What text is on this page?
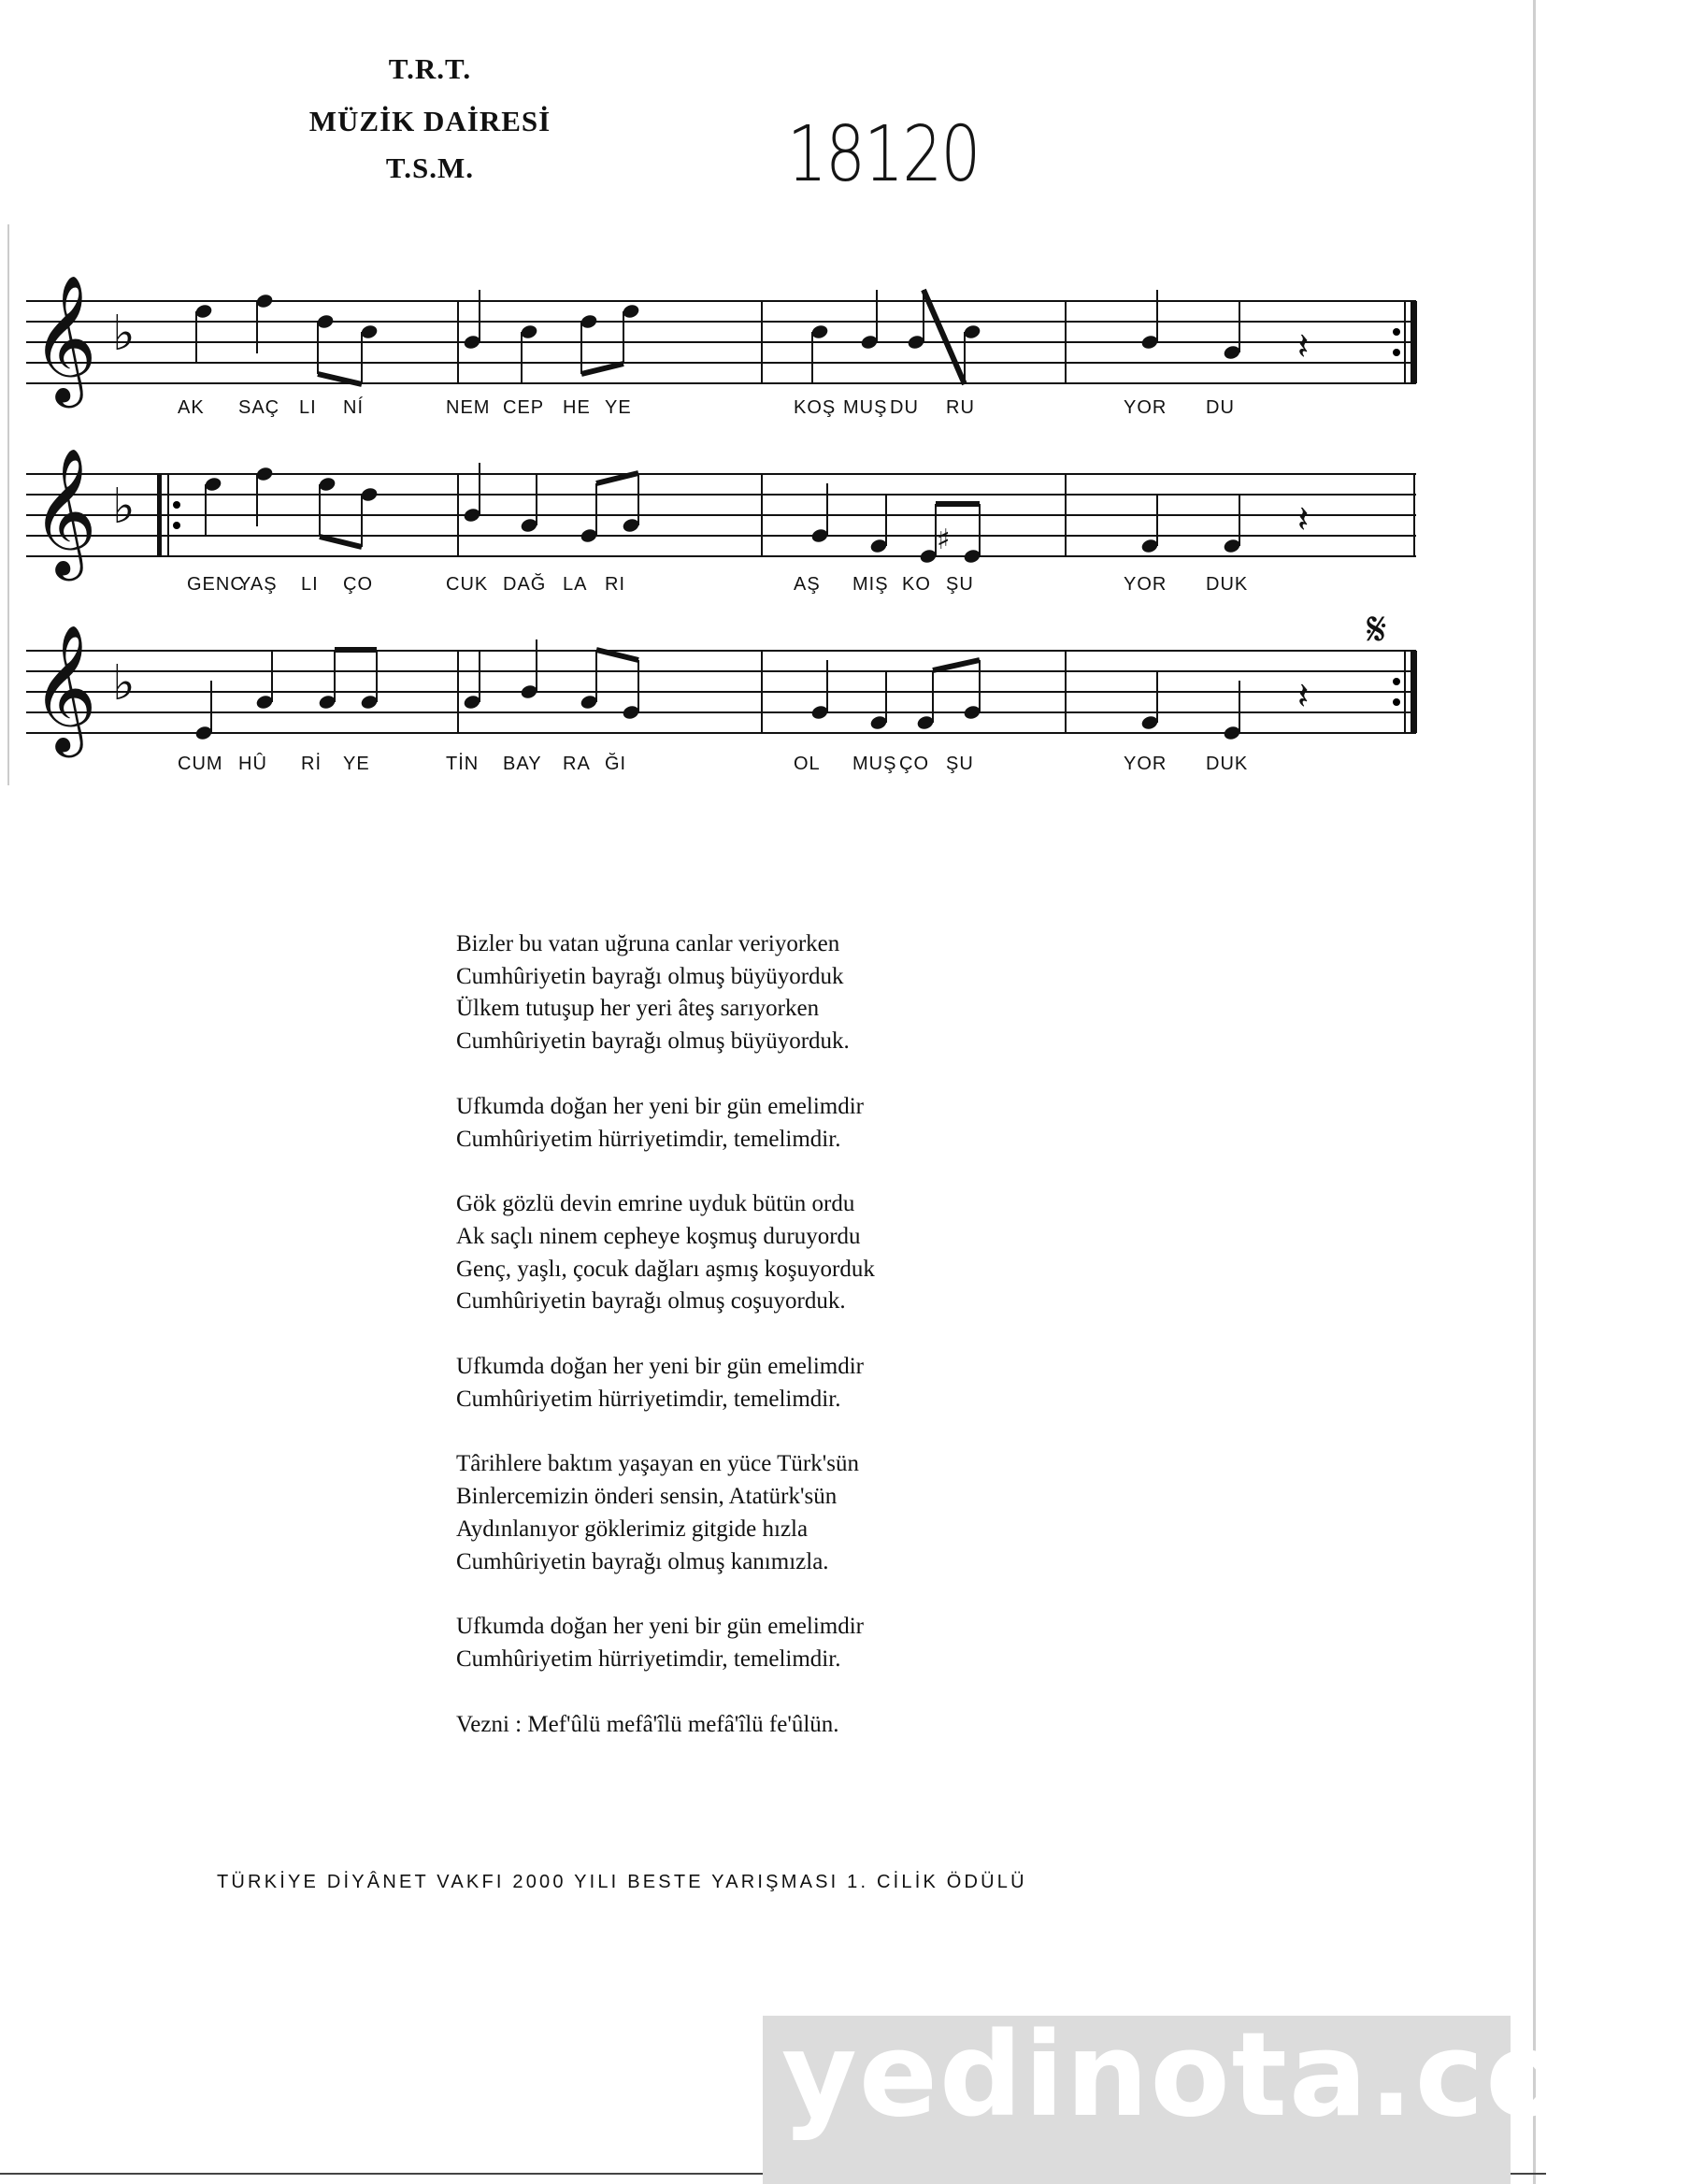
T.R.T.
MÜZİK DAİRESİ
T.S.M.	18120
𝄞 ♭	𝄽
𝄞 ♭	𝄽
𝄞 ♭	𝄽
♯
𝄋
AK SAÇ LI NÍ	NEM CEP HE YE	KOŞ MUŞ DU RU	YOR DU
GENC
YAŞ LI ÇO	CUK DAĞ LA RI	AŞ MIŞ KO ŞU	YOR DUK
CUM HÛ Rİ YE	TİN BAY RA ĞI	OL MUŞ ÇO ŞU	YOR DUK

Bizler bu vatan uğruna canlar veriyorken

Cumhûriyetin bayrağı olmuş büyüyorduk

Ülkem tutuşup her yeri âteş sarıyorken

Cumhûriyetin bayrağı olmuş büyüyorduk.

Ufkumda doğan her yeni bir gün emelimdir

Cumhûriyetim hürriyetimdir, temelimdir.

Gök gözlü devin emrine uyduk bütün ordu

Ak saçlı ninem cepheye koşmuş duruyordu

Genç, yaşlı, çocuk dağları aşmış koşuyorduk

Cumhûriyetin bayrağı olmuş coşuyorduk.

Ufkumda doğan her yeni bir gün emelimdir

Cumhûriyetim hürriyetimdir, temelimdir.

Târihlere baktım yaşayan en yüce Türk'sün

Binlercemizin önderi sensin, Atatürk'sün

Aydınlanıyor göklerimiz gitgide hızla

Cumhûriyetin bayrağı olmuş kanımızla.

Ufkumda doğan her yeni bir gün emelimdir

Cumhûriyetim hürriyetimdir, temelimdir.

Vezni : Mef'ûlü mefâ'îlü mefâ'îlü fe'ûlün.

TÜRKİYE DİYÂNET VAKFI 2000 YILI BESTE YARIŞMASI 1. CİLİK ÖDÜLÜ
yedinota.com
